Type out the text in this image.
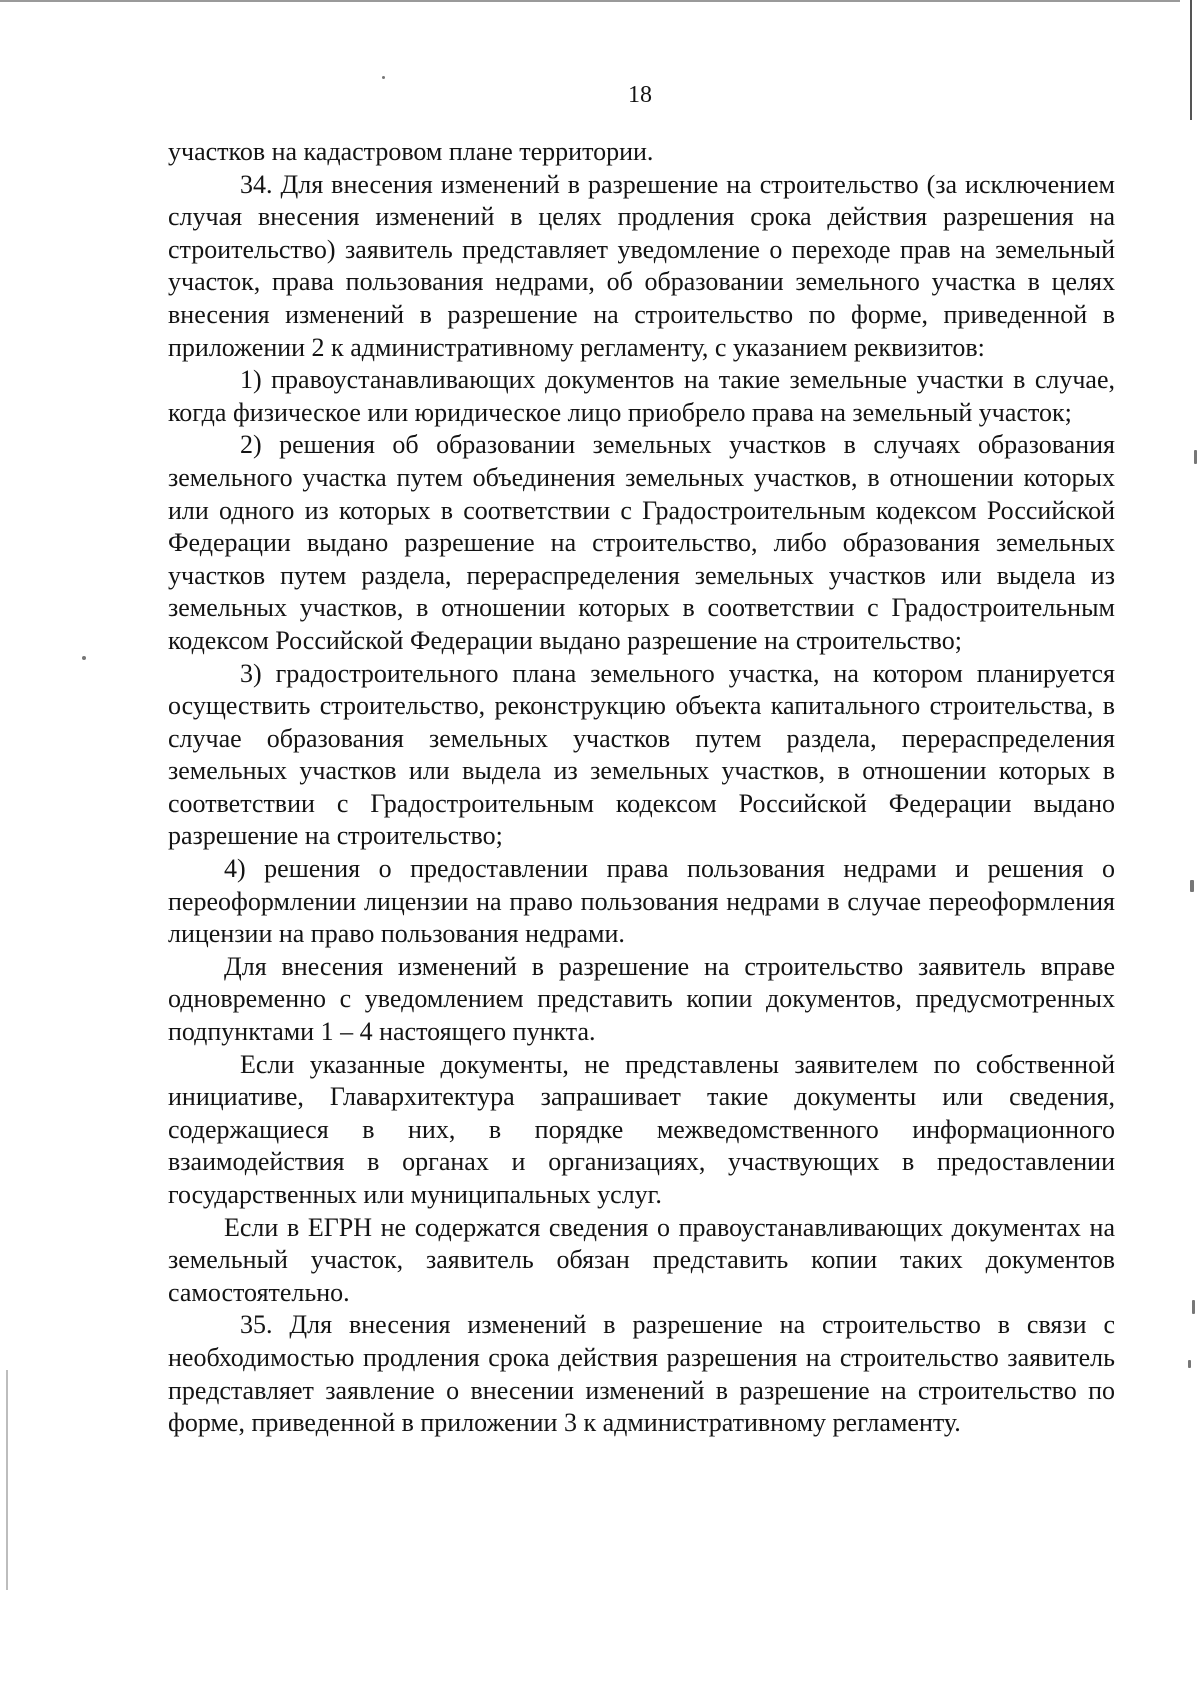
18

участков на кадастровом плане территории.

34. Для внесения изменений в разрешение на строительство (за исключением случая внесения изменений в целях продления срока действия разрешения на строительство) заявитель представляет уведомление о переходе прав на земельный участок, права пользования недрами, об образовании земельного участка в целях внесения изменений в разрешение на строительство по форме, приведенной в приложении 2 к административному регламенту, с указанием реквизитов:

1) правоустанавливающих документов на такие земельные участки в случае, когда физическое или юридическое лицо приобрело права на земельный участок;

2) решения об образовании земельных участков в случаях образования земельного участка путем объединения земельных участков, в отношении которых или одного из которых в соответствии с Градостроительным кодексом Российской Федерации выдано разрешение на строительство, либо образования земельных участков путем раздела, перераспределения земельных участков или выдела из земельных участков, в отношении которых в соответствии с Градостроительным кодексом Российской Федерации выдано разрешение на строительство;

3) градостроительного плана земельного участка, на котором планируется осуществить строительство, реконструкцию объекта капитального строительства, в случае образования земельных участков путем раздела, перераспределения земельных участков или выдела из земельных участков, в отношении которых в соответствии с Градостроительным кодексом Российской Федерации выдано разрешение на строительство;

4) решения о предоставлении права пользования недрами и решения о переоформлении лицензии на право пользования недрами в случае переоформления лицензии на право пользования недрами.

Для внесения изменений в разрешение на строительство заявитель вправе одновременно с уведомлением представить копии документов, предусмотренных подпунктами 1 – 4 настоящего пункта.

Если указанные документы, не представлены заявителем по собственной инициативе, Главархитектура запрашивает такие документы или сведения, содержащиеся в них, в порядке межведомственного информационного взаимодействия в органах и организациях, участвующих в предоставлении государственных или муниципальных услуг.

Если в ЕГРН не содержатся сведения о правоустанавливающих документах на земельный участок, заявитель обязан представить копии таких документов самостоятельно.

35. Для внесения изменений в разрешение на строительство в связи с необходимостью продления срока действия разрешения на строительство заявитель представляет заявление о внесении изменений в разрешение на строительство по форме, приведенной в приложении 3 к административному регламенту.
